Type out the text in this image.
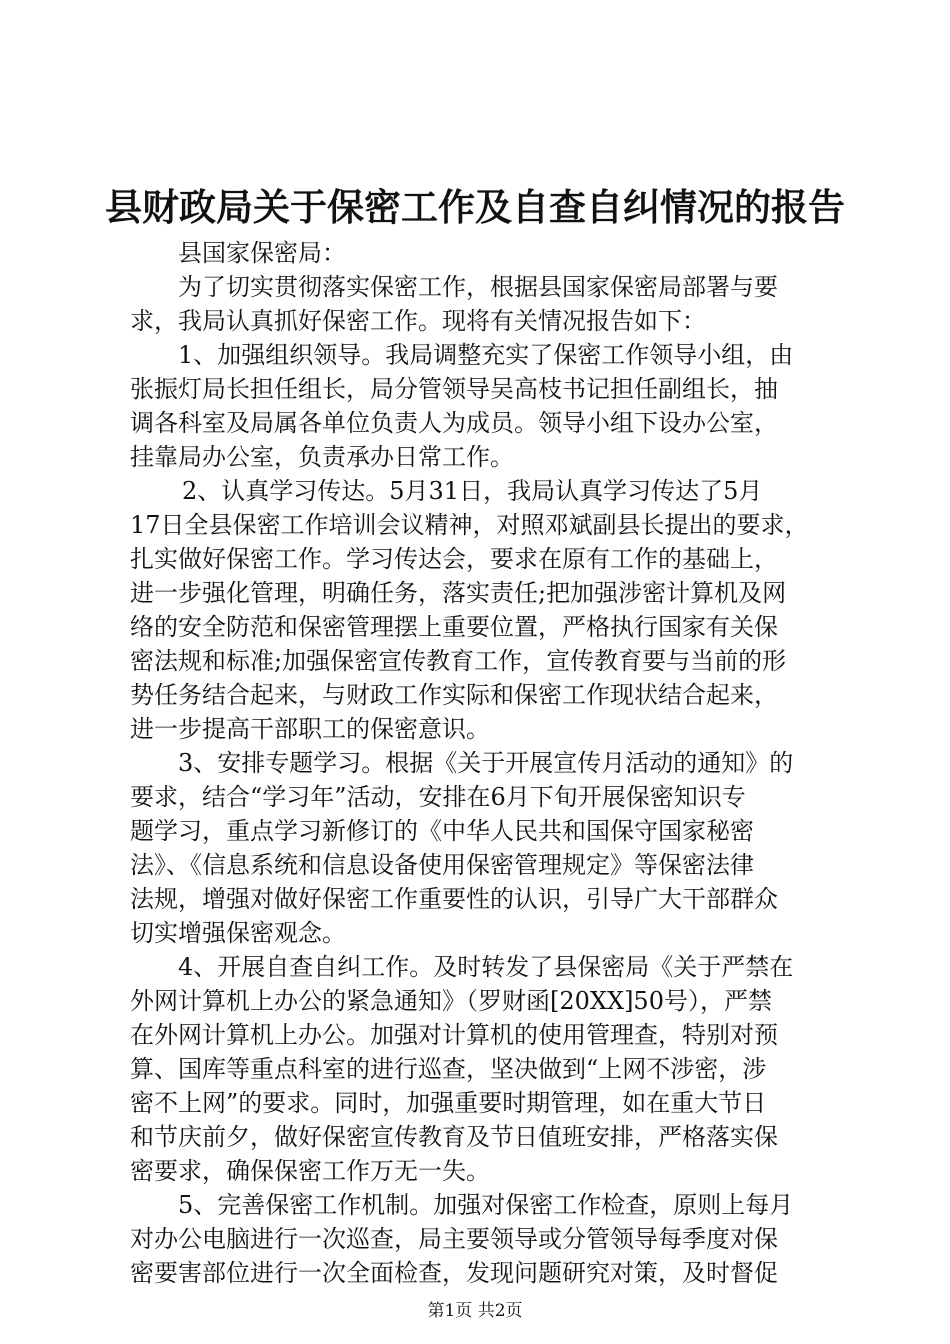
县财政局关于保密工作及自查自纠情况的报告

县国家保密局：

为了切实贯彻落实保密工作，根据县国家保密局部署与要

求，我局认真抓好保密工作。现将有关情况报告如下：

1、加强组织领导。我局调整充实了保密工作领导小组，由

张振灯局长担任组长，局分管领导吴高枝书记担任副组长，抽

调各科室及局属各单位负责人为成员。领导小组下设办公室，

挂靠局办公室，负责承办日常工作。

2、认真学习传达。5月31日，我局认真学习传达了5月

17日全县保密工作培训会议精神，对照邓斌副县长提出的要求，

扎实做好保密工作。学习传达会，要求在原有工作的基础上，

进一步强化管理，明确任务，落实责任;把加强涉密计算机及网

络的安全防范和保密管理摆上重要位置，严格执行国家有关保

密法规和标准;加强保密宣传教育工作，宣传教育要与当前的形

势任务结合起来，与财政工作实际和保密工作现状结合起来，

进一步提高干部职工的保密意识。

3、安排专题学习。根据《关于开展宣传月活动的通知》的

要求，结合“学习年”活动，安排在6月下旬开展保密知识专

题学习，重点学习新修订的《中华人民共和国保守国家秘密

法》、《信息系统和信息设备使用保密管理规定》等保密法律

法规，增强对做好保密工作重要性的认识，引导广大干部群众

切实增强保密观念。

4、开展自查自纠工作。及时转发了县保密局《关于严禁在

外网计算机上办公的紧急通知》（罗财函[20XX]50号），严禁

在外网计算机上办公。加强对计算机的使用管理查，特别对预

算、国库等重点科室的进行巡查，坚决做到“上网不涉密，涉

密不上网”的要求。同时，加强重要时期管理，如在重大节日

和节庆前夕，做好保密宣传教育及节日值班安排，严格落实保

密要求，确保保密工作万无一失。

5、完善保密工作机制。加强对保密工作检查，原则上每月

对办公电脑进行一次巡查，局主要领导或分管领导每季度对保

密要害部位进行一次全面检查，发现问题研究对策，及时督促

第1页 共2页
